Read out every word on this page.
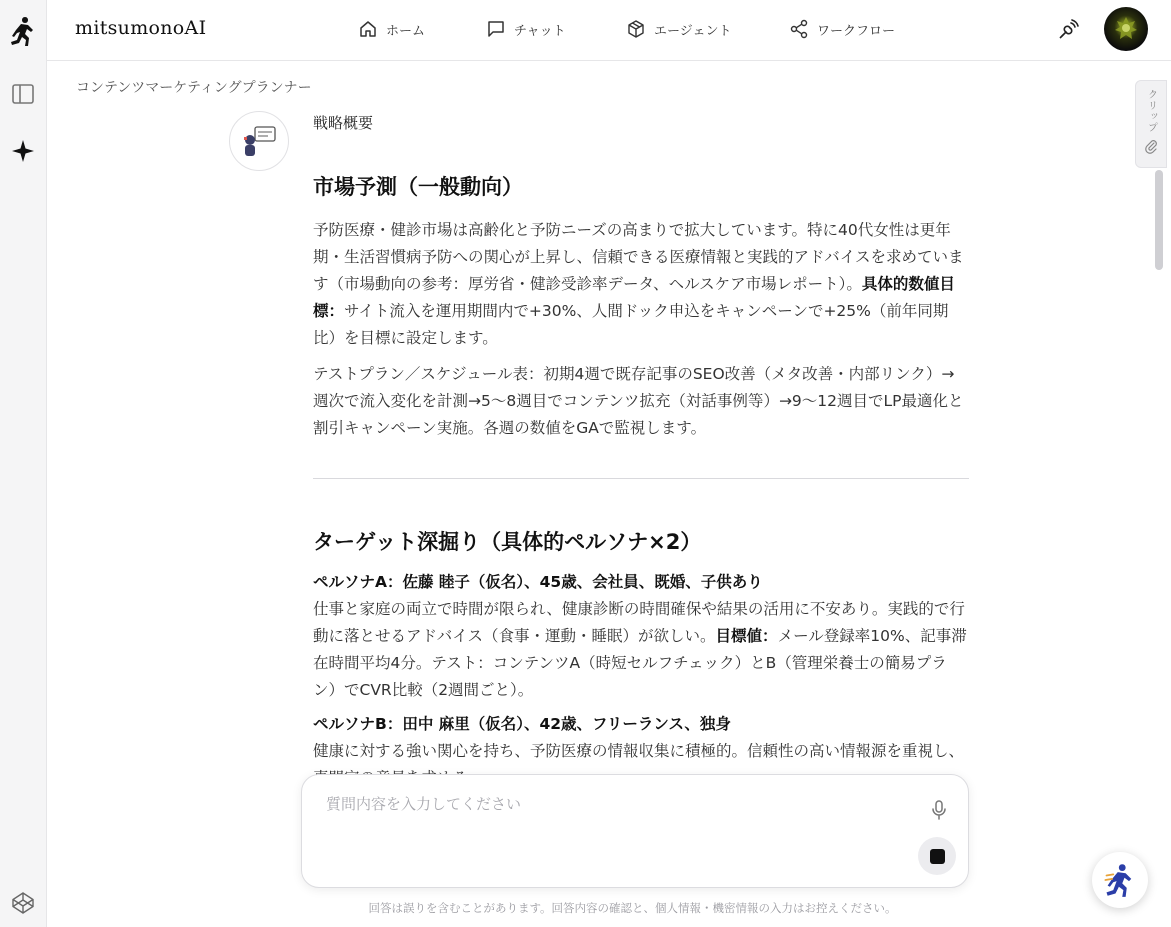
mitsumonoAI	ホーム	チャット	エージェント	ワークフロー
コンテンツマーケティングプランナー
戦略概要
市場予測（一般動向）

予防医療・健診市場は高齢化と予防ニーズの高まりで拡大しています。特に40代女性は更年期・生活習慣病予防への関心が上昇し、信頼できる医療情報と実践的アドバイスを求めています（市場動向の参考：厚労省・健診受診率データ、ヘルスケア市場レポート）。具体的数値目標：サイト流入を運用期間内で+30%、人間ドック申込をキャンペーンで+25%（前年同期比）を目標に設定します。

テストプラン／スケジュール表：初期4週で既存記事のSEO改善（メタ改善・内部リンク）→週次で流入変化を計測→5〜8週目でコンテンツ拡充（対話事例等）→9〜12週目でLP最適化と割引キャンペーン実施。各週の数値をGAで監視します。

ターゲット深掘り（具体的ペルソナ×2）

ペルソナA：佐藤 睦子（仮名）、45歳、会社員、既婚、子供あり

仕事と家庭の両立で時間が限られ、健康診断の時間確保や結果の活用に不安あり。実践的で行動に落とせるアドバイス（食事・運動・睡眠）が欲しい。目標値：メール登録率10%、記事滞在時間平均4分。テスト：コンテンツA（時短セルフチェック）とB（管理栄養士の簡易プラン）でCVR比較（2週間ごと）。

ペルソナB：田中 麻里（仮名）、42歳、フリーランス、独身

健康に対する強い関心を持ち、予防医療の情報収集に積極的。信頼性の高い情報源を重視し、

クリップ
質問内容を入力してください
回答は誤りを含むことがあります。回答内容の確認と、個人情報・機密情報の入力はお控えください。
